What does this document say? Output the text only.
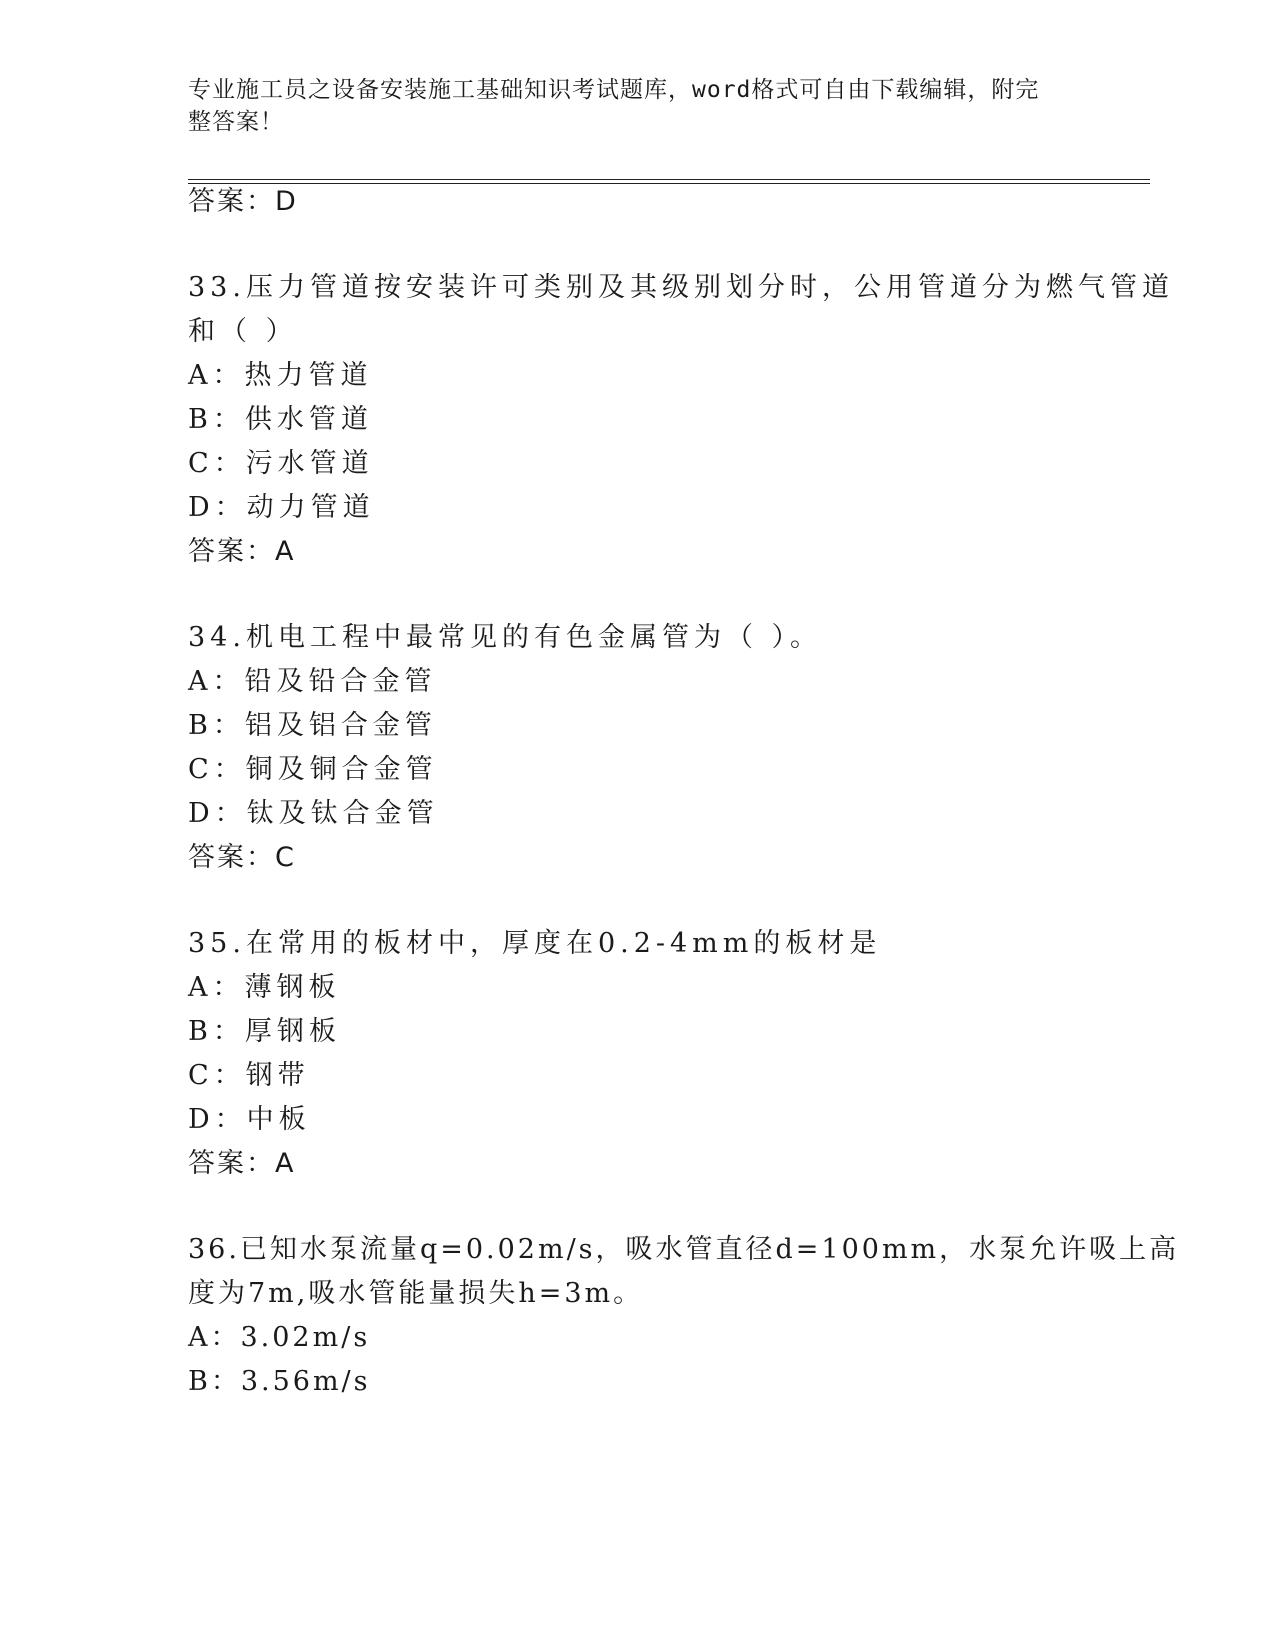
专业施工员之设备安装施工基础知识考试题库，word格式可自由下载编辑，附完
整答案！
答案：D
33.压力管道按安装许可类别及其级别划分时，公用管道分为燃气管道
和（ ）
A：热力管道
B：供水管道
C：污水管道
D：动力管道
答案：A
34.机电工程中最常见的有色金属管为（ ）。
A：铅及铅合金管
B：铝及铝合金管
C：铜及铜合金管
D：钛及钛合金管
答案：C
35.在常用的板材中，厚度在0.2-4mm的板材是
A：薄钢板
B：厚钢板
C：钢带
D：中板
答案：A
36.已知水泵流量q=0.02m/s，吸水管直径d=100mm，水泵允许吸上高
度为7m,吸水管能量损失h=3m。
A：3.02m/s
B：3.56m/s
